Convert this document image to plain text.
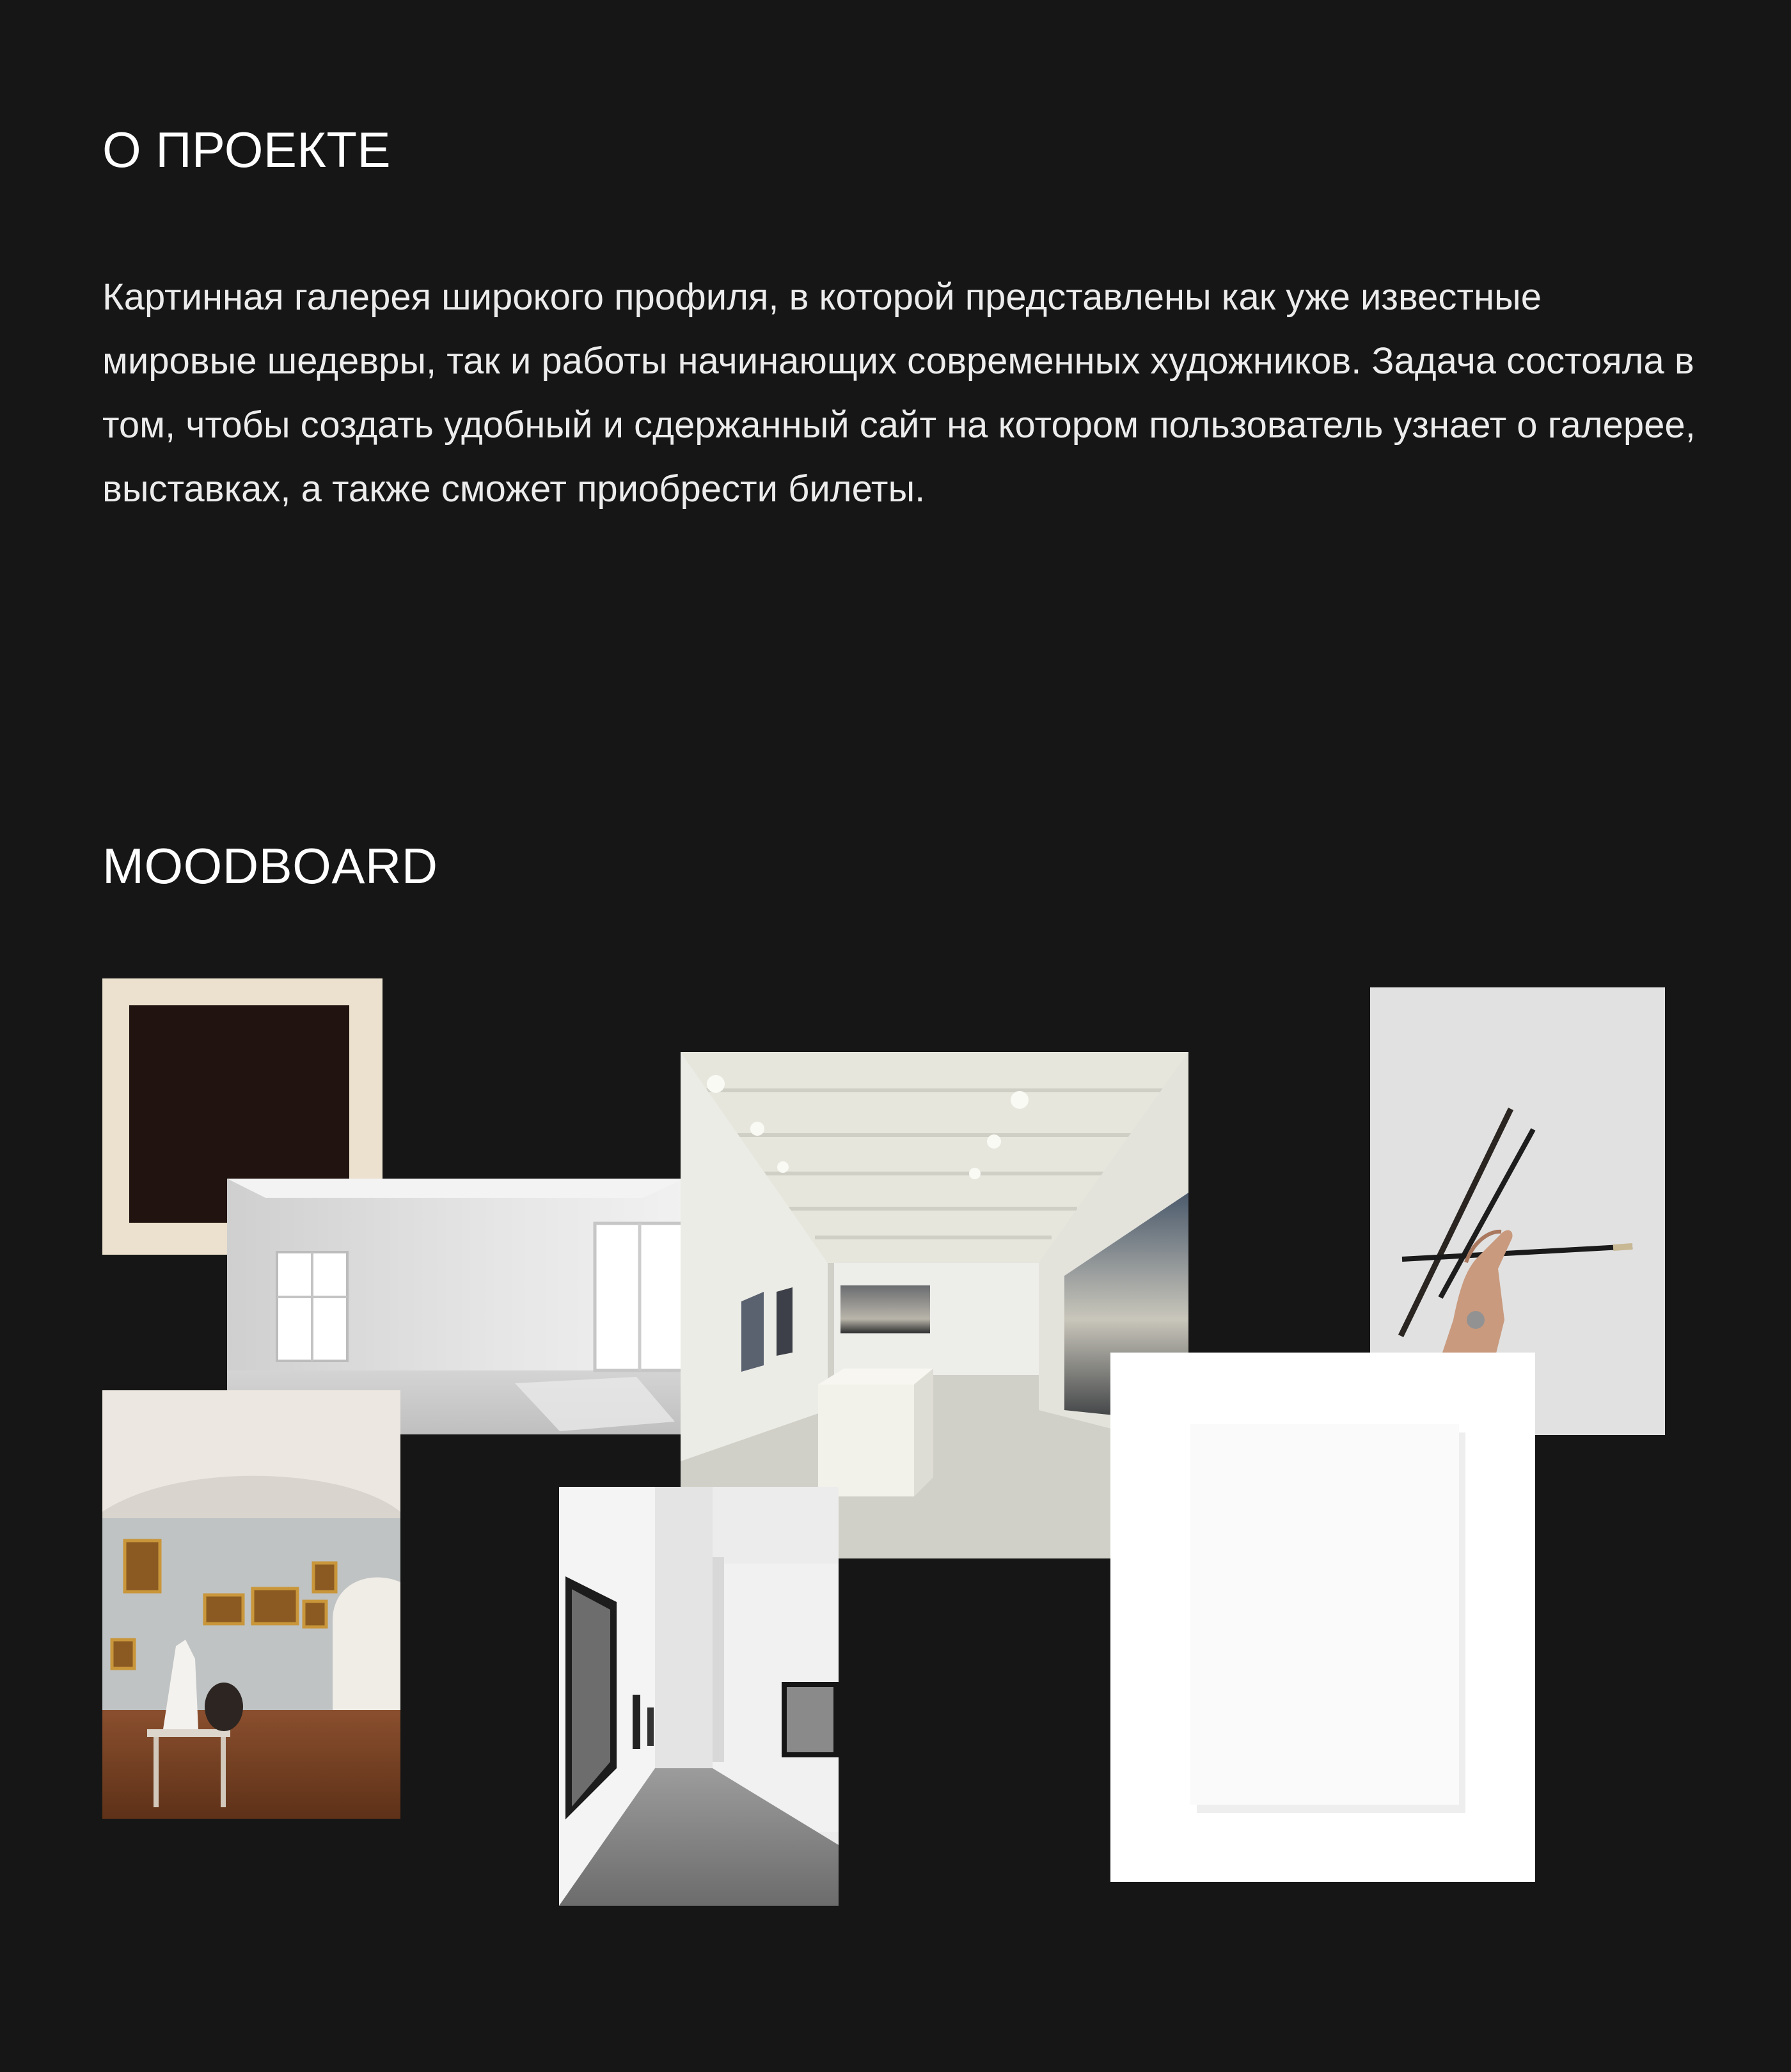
О ПРОЕКТЕ

Картинная галерея широкого профиля, в которой представлены как уже известные мировые шедевры, так и работы начинающих современных художников. Задача состояла в том, чтобы создать удобный и сдержанный сайт на котором пользователь узнает о галерее, выставках, а также сможет приобрести билеты.

MOODBOARD
